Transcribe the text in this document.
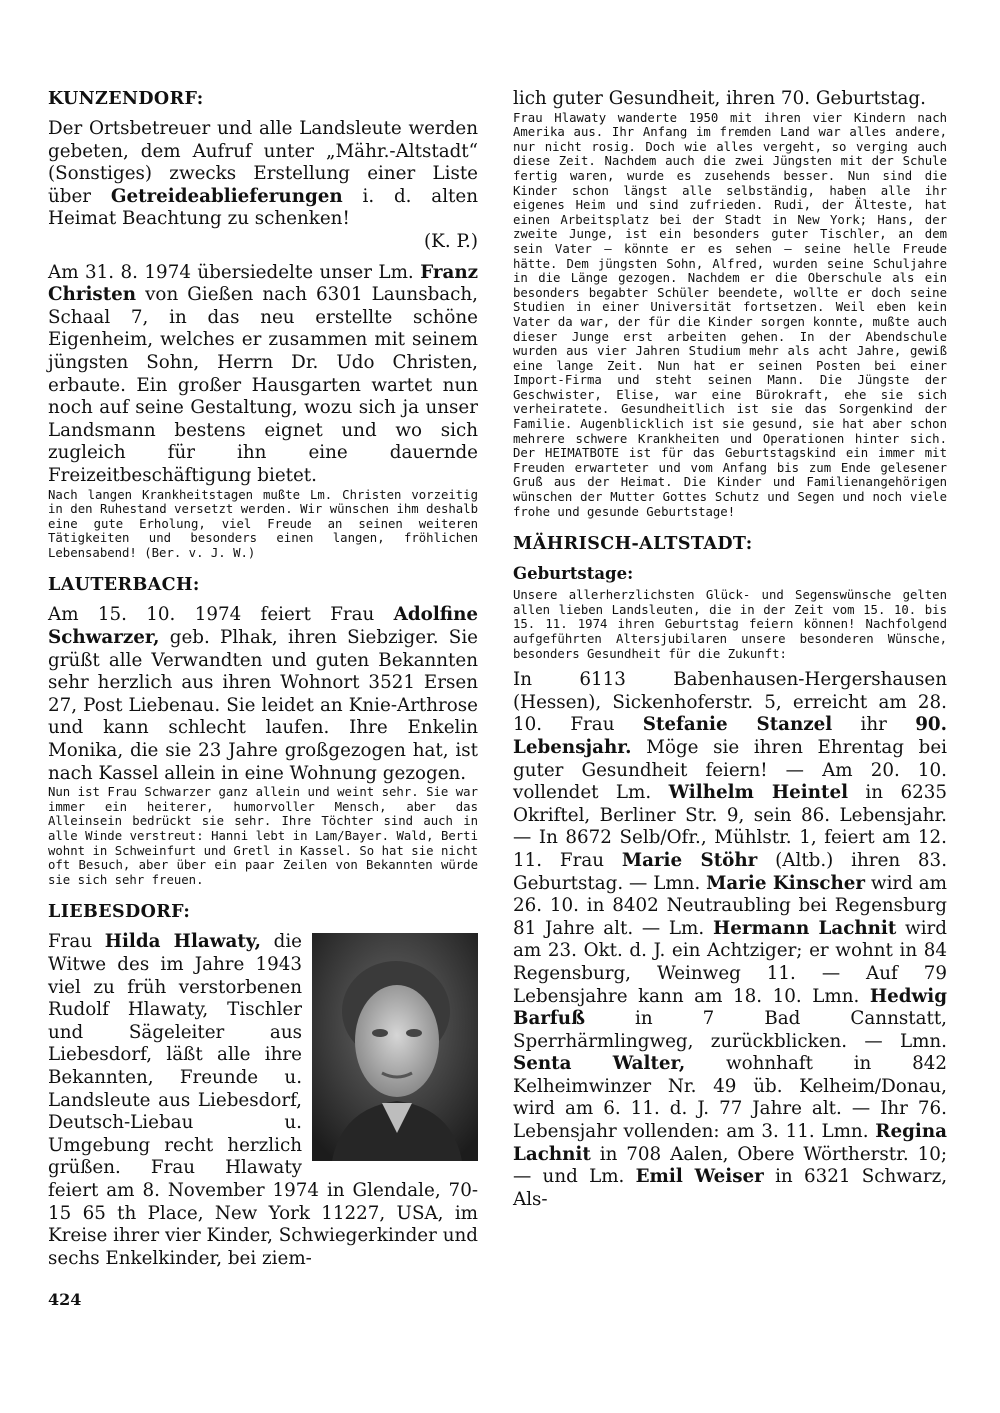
KUNZENDORF:

Der Ortsbetreuer und alle Landsleute werden gebeten, dem Aufruf unter „Mähr.-Altstadt“ (Sonstiges) zwecks Erstellung einer Liste über Getreideablieferungen i. d. alten Heimat Beachtung zu schenken!
(K. P.)

Am 31. 8. 1974 übersiedelte unser Lm. Franz Christen von Gießen nach 6301 Launsbach, Schaal 7, in das neu erstellte schöne Eigenheim, welches er zusammen mit seinem jüngsten Sohn, Herrn Dr. Udo Christen, erbaute. Ein großer Hausgarten wartet nun noch auf seine Gestaltung, wozu sich ja unser Landsmann bestens eignet und wo sich zugleich für ihn eine dauernde Freizeitbeschäftigung bietet.

Nach langen Krankheitstagen mußte Lm. Christen vorzeitig in den Ruhestand versetzt werden. Wir wünschen ihm deshalb eine gute Erholung, viel Freude an seinen weiteren Tätigkeiten und besonders einen langen, fröhlichen Lebensabend! (Ber. v. J. W.)

LAUTERBACH:

Am 15. 10. 1974 feiert Frau Adolfine Schwarzer, geb. Plhak, ihren Siebziger. Sie grüßt alle Verwandten und guten Bekannten sehr herzlich aus ihren Wohnort 3521 Ersen 27, Post Liebenau. Sie leidet an Knie-Arthrose und kann schlecht laufen. Ihre Enkelin Monika, die sie 23 Jahre großgezogen hat, ist nach Kassel allein in eine Wohnung gezogen.

Nun ist Frau Schwarzer ganz allein und weint sehr. Sie war immer ein heiterer, humorvoller Mensch, aber das Alleinsein bedrückt sie sehr. Ihre Töchter sind auch in alle Winde verstreut: Hanni lebt in Lam/Bayer. Wald, Berti wohnt in Schweinfurt und Gretl in Kassel. So hat sie nicht oft Besuch, aber über ein paar Zeilen von Bekannten würde sie sich sehr freuen.

LIEBESDORF:

Frau Hilda Hlawaty, die Witwe des im Jahre 1943 viel zu früh verstorbenen Rudolf Hlawaty, Tischler und Sägeleiter aus Liebesdorf, läßt alle ihre Bekannten, Freunde u. Landsleute aus Liebesdorf, Deutsch-Liebau u. Umgebung recht herzlich grüßen. Frau Hlawaty feiert am 8. November 1974 in Glendale, 70-15 65 th Place, New York 11227, USA, im Kreise ihrer vier Kinder, Schwiegerkinder und sechs Enkelkinder, bei ziem-

424

lich guter Gesundheit, ihren 70. Geburtstag.

Frau Hlawaty wanderte 1950 mit ihren vier Kindern nach Amerika aus. Ihr Anfang im fremden Land war alles andere, nur nicht rosig. Doch wie alles vergeht, so verging auch diese Zeit. Nachdem auch die zwei Jüngsten mit der Schule fertig waren, wurde es zusehends besser. Nun sind die Kinder schon längst alle selbständig, haben alle ihr eigenes Heim und sind zufrieden. Rudi, der Älteste, hat einen Arbeitsplatz bei der Stadt in New York; Hans, der zweite Junge, ist ein besonders guter Tischler, an dem sein Vater – könnte er es sehen – seine helle Freude hätte. Dem jüngsten Sohn, Alfred, wurden seine Schuljahre in die Länge gezogen. Nachdem er die Oberschule als ein besonders begabter Schüler beendete, wollte er doch seine Studien in einer Universität fortsetzen. Weil eben kein Vater da war, der für die Kinder sorgen konnte, mußte auch dieser Junge erst arbeiten gehen. In der Abendschule wurden aus vier Jahren Studium mehr als acht Jahre, gewiß eine lange Zeit. Nun hat er seinen Posten bei einer Import-Firma und steht seinen Mann. Die Jüngste der Geschwister, Elise, war eine Bürokraft, ehe sie sich verheiratete. Gesundheitlich ist sie das Sorgenkind der Familie. Augenblicklich ist sie gesund, sie hat aber schon mehrere schwere Krankheiten und Operationen hinter sich. Der HEIMATBOTE ist für das Geburtstagskind ein immer mit Freuden erwarteter und vom Anfang bis zum Ende gelesener Gruß aus der Heimat. Die Kinder und Familienangehörigen wünschen der Mutter Gottes Schutz und Segen und noch viele frohe und gesunde Geburtstage!

MÄHRISCH-ALTSTADT:
Geburtstage:

Unsere allerherzlichsten Glück- und Segenswünsche gelten allen lieben Landsleuten, die in der Zeit vom 15. 10. bis 15. 11. 1974 ihren Geburtstag feiern können! Nachfolgend aufgeführten Altersjubilaren unsere besonderen Wünsche, besonders Gesundheit für die Zukunft:

In 6113 Babenhausen-Hergershausen (Hessen), Sickenhoferstr. 5, erreicht am 28. 10. Frau Stefanie Stanzel ihr 90. Lebensjahr. Möge sie ihren Ehrentag bei guter Gesundheit feiern! — Am 20. 10. vollendet Lm. Wilhelm Heintel in 6235 Okriftel, Berliner Str. 9, sein 86. Lebensjahr. — In 8672 Selb/Ofr., Mühlstr. 1, feiert am 12. 11. Frau Marie Stöhr (Altb.) ihren 83. Geburtstag. — Lmn. Marie Kinscher wird am 26. 10. in 8402 Neutraubling bei Regensburg 81 Jahre alt. — Lm. Hermann Lachnit wird am 23. Okt. d. J. ein Achtziger; er wohnt in 84 Regensburg, Weinweg 11. — Auf 79 Lebensjahre kann am 18. 10. Lmn. Hedwig Barfuß in 7 Bad Cannstatt, Sperrhärmlingweg, zurückblicken. — Lmn. Senta Walter, wohnhaft in 842 Kelheimwinzer Nr. 49 üb. Kelheim/Donau, wird am 6. 11. d. J. 77 Jahre alt. — Ihr 76. Lebensjahr vollenden: am 3. 11. Lmn. Regina Lachnit in 708 Aalen, Obere Wörtherstr. 10; — und Lm. Emil Weiser in 6321 Schwarz, Als-
